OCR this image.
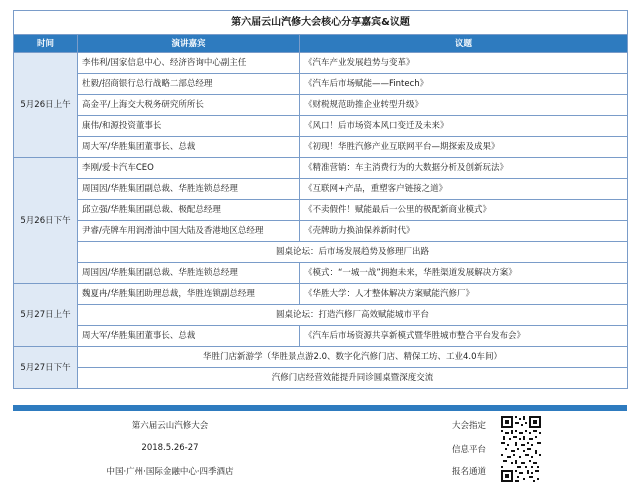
第六届云山汽修大会核心分享嘉宾&议题		
时间	演讲嘉宾	议题
5月26日上午	李伟利/国家信息中心、经济咨询中心副主任	《汽车产业发展趋势与变革》
	杜毅/招商银行总行战略二部总经理	《汽车后市场赋能——Fintech》
	高金平/上海交大税务研究所所长	《财税规范助推企业转型升级》
	康伟/和源投资董事长	《风口！后市场资本风口变迁及未来》
	周大军/华胜集团董事长、总裁	《初现！华胜汽修产业互联网平台—期探索及成果》
5月26日下午	李刚/爱卡汽车CEO	《精准营销：车主消费行为的大数据分析及创新玩法》
	周国因/华胜集团副总裁、华胜连锁总经理	《互联网+产品，重塑客户链接之道》
	邱立强/华胜集团副总裁、极配总经理	《不卖假件！赋能最后一公里的极配新商业模式》
	尹睿/壳牌车用润滑油中国大陆及香港地区总经理	《壳牌助力换油保养新时代》
	圆桌论坛：后市场发展趋势及修理厂出路	
	周国因/华胜集团副总裁、华胜连锁总经理	《模式：“一城一战”拥抱未来，华胜渠道发展解决方案》
5月27日上午	魏夏冉/华胜集团助理总裁，华胜连锁副总经理	《华胜大学：人才整体解决方案赋能汽修厂》
	圆桌论坛：打造汽修厂高效赋能城市平台	
	周大军/华胜集团董事长、总裁	《汽车后市场资源共享新模式暨华胜城市整合平台发布会》
5月27日下午	华胜门店新游学（华胜景点游2.0、数字化汽修门店、精保工坊、工业4.0车间）	
	汽修门店经营效能提升同诊圆桌暨深度交流	
第六届云山汽修大会
2018.5.26-27
中国·广州·国际金融中心·四季酒店
大会指定
信息平台
报名通道
